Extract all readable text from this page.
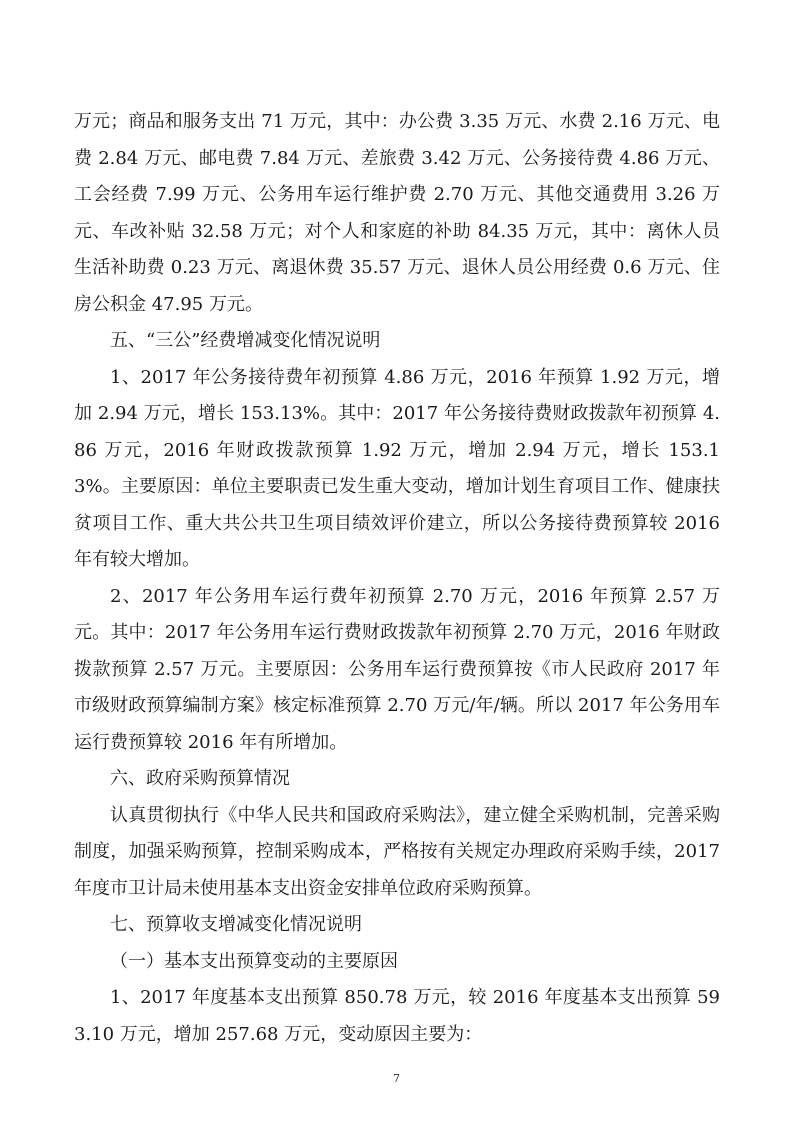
万元；商品和服务支出 71 万元，其中：办公费 3.35 万元、水费 2.16 万元、电费 2.84 万元、邮电费 7.84 万元、差旅费 3.42 万元、公务接待费 4.86 万元、工会经费 7.99 万元、公务用车运行维护费 2.70 万元、其他交通费用 3.26 万元、车改补贴 32.58 万元；对个人和家庭的补助 84.35 万元，其中：离休人员生活补助费 0.23 万元、离退休费 35.57 万元、退休人员公用经费 0.6 万元、住房公积金 47.95 万元。

五、“三公”经费增减变化情况说明

1、2017 年公务接待费年初预算 4.86 万元，2016 年预算 1.92 万元，增加 2.94 万元，增长 153.13%。其中：2017 年公务接待费财政拨款年初预算 4.86 万元，2016 年财政拨款预算 1.92 万元，增加 2.94 万元，增长 153.13%。主要原因：单位主要职责已发生重大变动，增加计划生育项目工作、健康扶贫项目工作、重大共公共卫生项目绩效评价建立，所以公务接待费预算较 2016 年有较大增加。

2、2017 年公务用车运行费年初预算 2.70 万元，2016 年预算 2.57 万元。其中：2017 年公务用车运行费财政拨款年初预算 2.70 万元，2016 年财政拨款预算 2.57 万元。主要原因：公务用车运行费预算按《市人民政府 2017 年市级财政预算编制方案》核定标准预算 2.70 万元/年/辆。所以 2017 年公务用车运行费预算较 2016 年有所增加。

六、政府采购预算情况

认真贯彻执行《中华人民共和国政府采购法》，建立健全采购机制，完善采购制度，加强采购预算，控制采购成本，严格按有关规定办理政府采购手续，2017 年度市卫计局未使用基本支出资金安排单位政府采购预算。

七、预算收支增减变化情况说明

（一）基本支出预算变动的主要原因

1、2017 年度基本支出预算 850.78 万元，较 2016 年度基本支出预算 593.10 万元，增加 257.68 万元，变动原因主要为：

7
